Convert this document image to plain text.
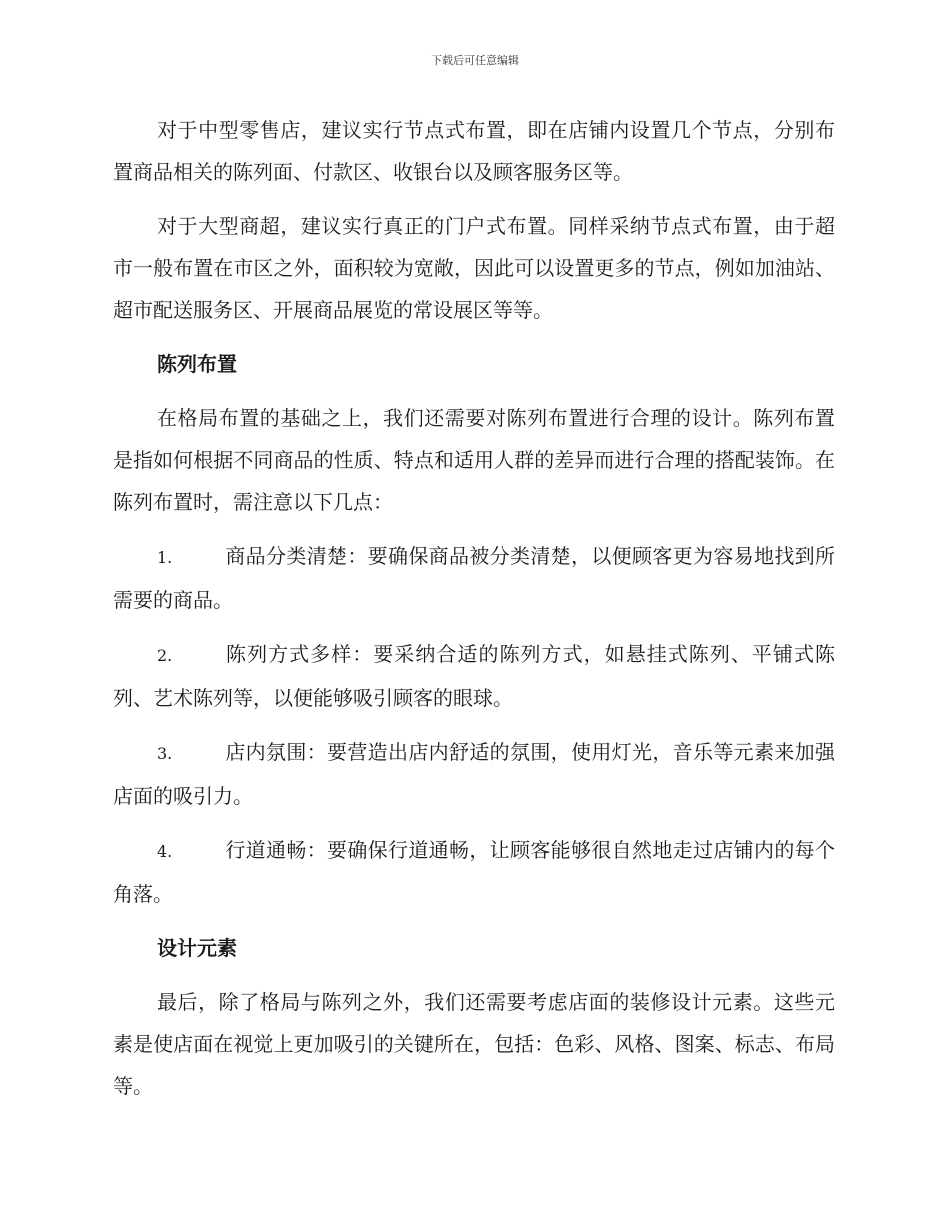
下载后可任意编辑

对于中型零售店，建议实行节点式布置，即在店铺内设置几个节点，分别布置商品相关的陈列面、付款区、收银台以及顾客服务区等。

对于大型商超，建议实行真正的门户式布置。同样采纳节点式布置，由于超市一般布置在市区之外，面积较为宽敞，因此可以设置更多的节点，例如加油站、超市配送服务区、开展商品展览的常设展区等等。

陈列布置

在格局布置的基础之上，我们还需要对陈列布置进行合理的设计。陈列布置是指如何根据不同商品的性质、特点和适用人群的差异而进行合理的搭配装饰。在陈列布置时，需注意以下几点：

1.	商品分类清楚：要确保商品被分类清楚，以便顾客更为容易地找到所需要的商品。

2.	陈列方式多样：要采纳合适的陈列方式，如悬挂式陈列、平铺式陈列、艺术陈列等，以便能够吸引顾客的眼球。

3.	店内氛围：要营造出店内舒适的氛围，使用灯光，音乐等元素来加强店面的吸引力。

4.	行道通畅：要确保行道通畅，让顾客能够很自然地走过店铺内的每个角落。

设计元素

最后，除了格局与陈列之外，我们还需要考虑店面的装修设计元素。这些元素是使店面在视觉上更加吸引的关键所在，包括：色彩、风格、图案、标志、布局等。
